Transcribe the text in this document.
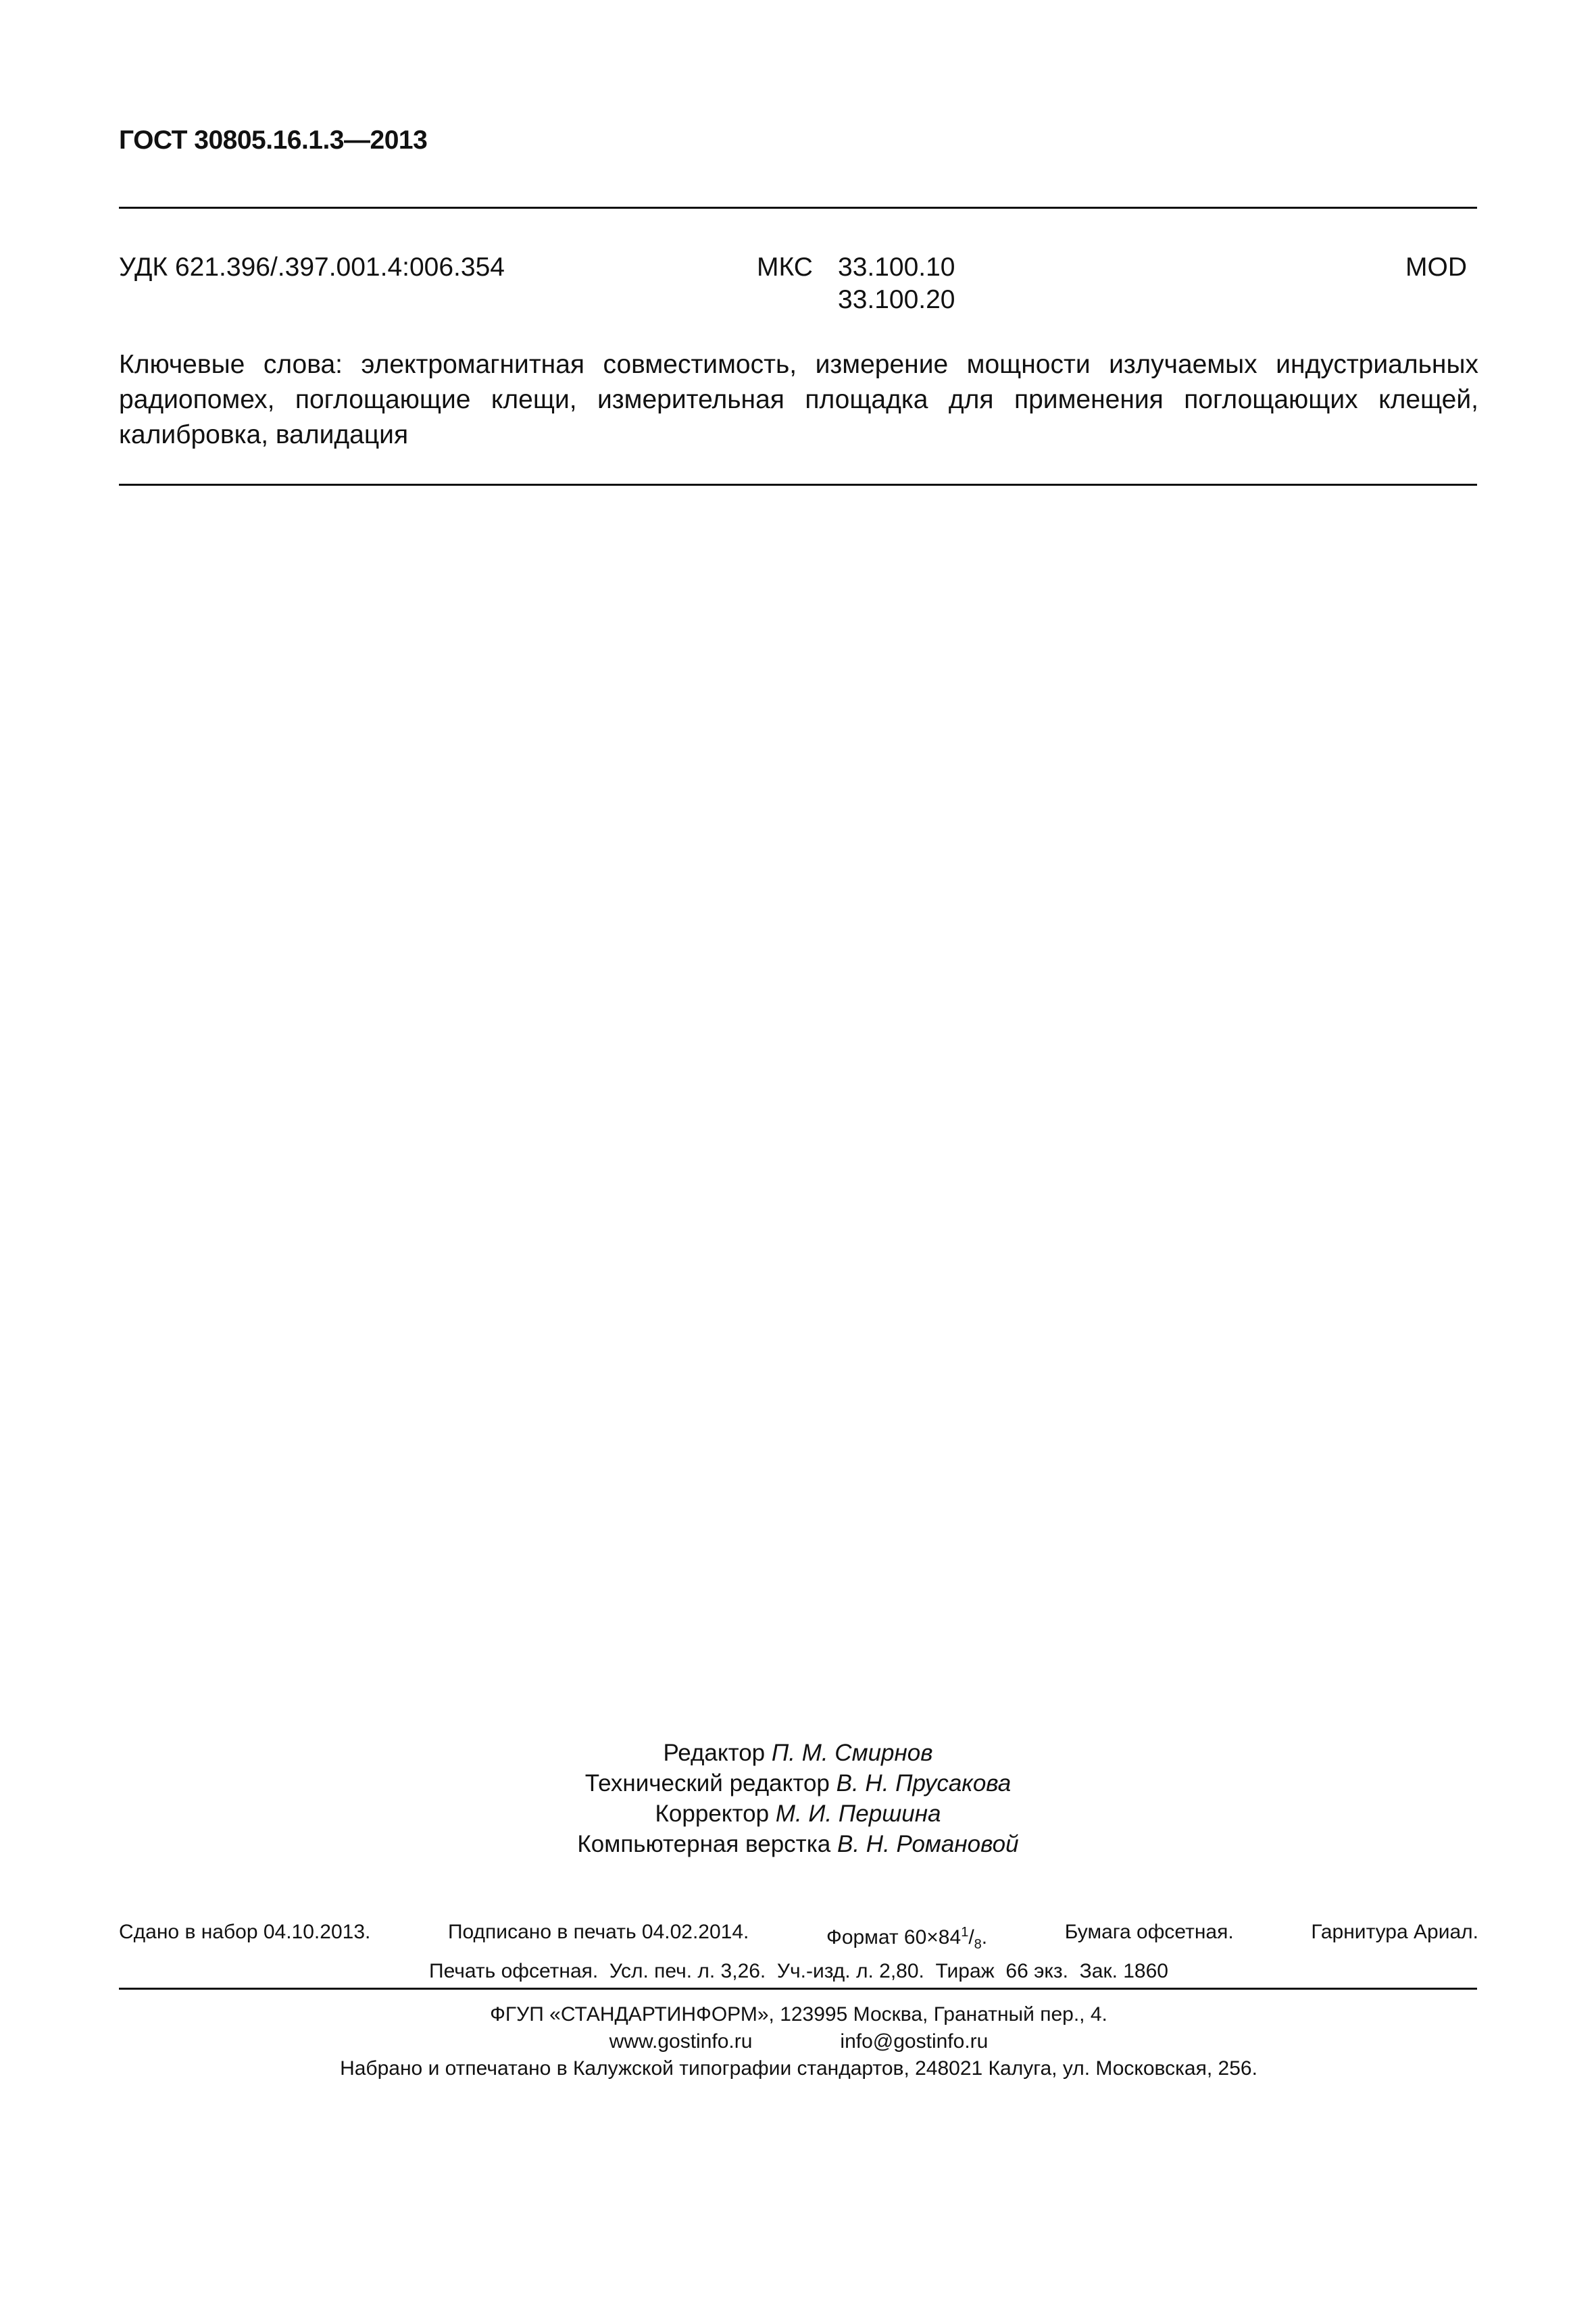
ГОСТ 30805.16.1.3—2013
УДК 621.396/.397.001.4:006.354	МКС 33.100.10
33.100.20
MOD
Ключевые слова: электромагнитная совместимость, измерение мощности излучаемых индустриальных радиопомех, поглощающие клещи, измерительная площадка для применения поглощающих клещей, калибровка, валидация
Редактор П. М. Смирнов
Технический редактор В. Н. Прусакова
Корректор М. И. Першина
Компьютерная верстка В. Н. Романовой
Сдано в набор 04.10.2013.	Подписано в печать 04.02.2014.	Формат $60\times 84^1/_8$.	Бумага офсетная.	Гарнитура Ариал.
Печать офсетная.  Усл. печ. л. 3,26.  Уч.-изд. л. 2,80.  Тираж  66 экз.  Зак. 1860
ФГУП «СТАНДАРТИНФОРМ», 123995 Москва, Гранатный пер., 4.
www.gostinfo.ru	info@gostinfo.ru
Набрано и отпечатано в Калужской типографии стандартов, 248021 Калуга, ул. Московская, 256.
